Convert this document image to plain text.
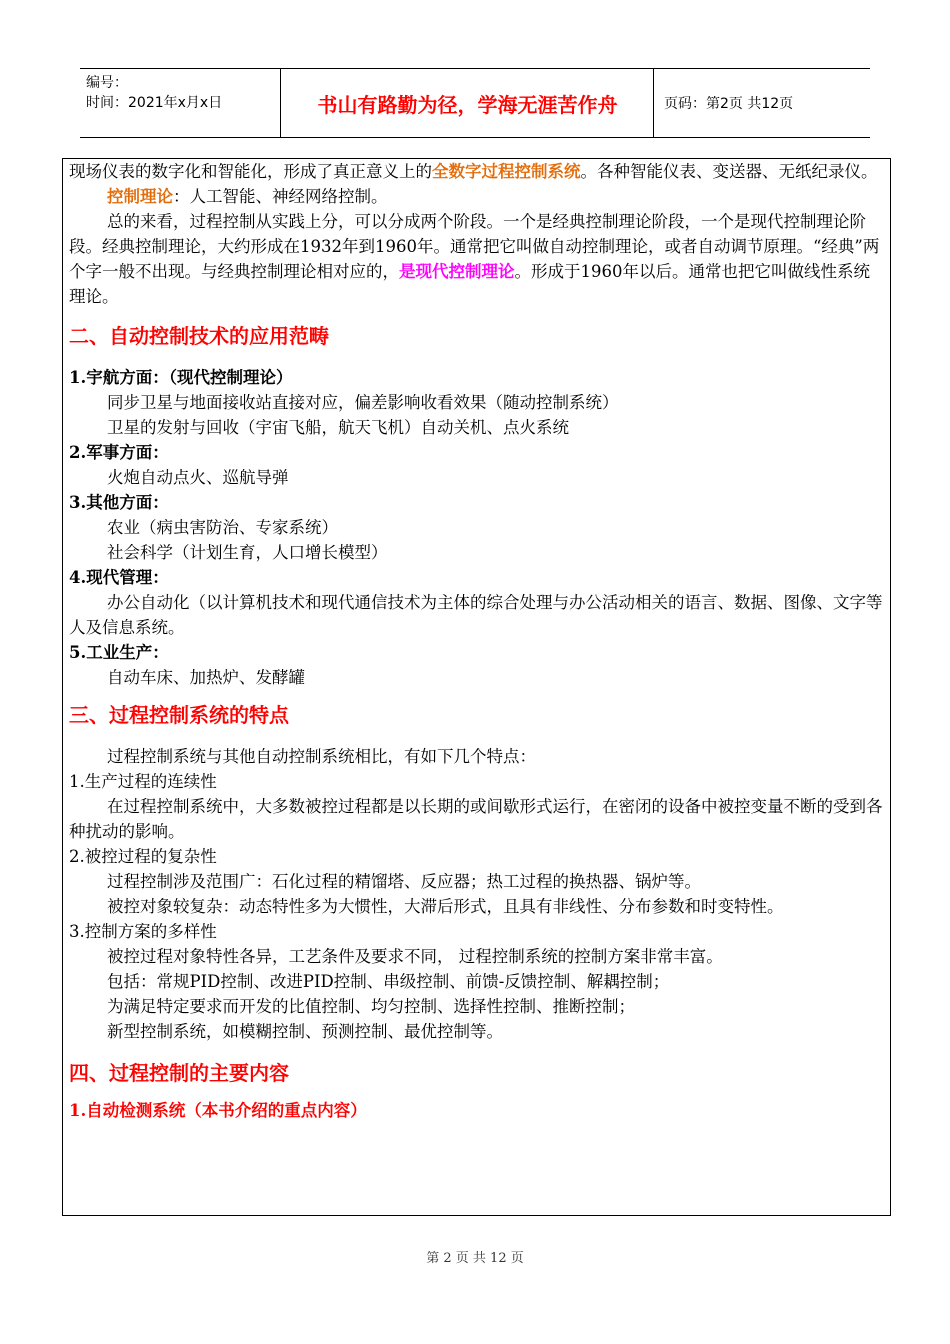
编号：
时间：2021年x月x日	书山有路勤为径，学海无涯苦作舟	页码：第2页 共12页

现场仪表的数字化和智能化，形成了真正意义上的全数字过程控制系统。各种智能仪表、变送器、无纸纪录仪。

控制理论：人工智能、神经网络控制。

总的来看，过程控制从实践上分，可以分成两个阶段。一个是经典控制理论阶段，一个是现代控制理论阶段。经典控制理论，大约形成在1932年到1960年。通常把它叫做自动控制理论，或者自动调节原理。“经典”两个字一般不出现。与经典控制理论相对应的，是现代控制理论。形成于1960年以后。通常也把它叫做线性系统理论。

二、自动控制技术的应用范畴

1.宇航方面：（现代控制理论）

同步卫星与地面接收站直接对应，偏差影响收看效果（随动控制系统）

卫星的发射与回收（宇宙飞船，航天飞机）自动关机、点火系统

2.军事方面：

火炮自动点火、巡航导弹

3.其他方面：

农业（病虫害防治、专家系统）

社会科学（计划生育，人口增长模型）

4.现代管理：

办公自动化（以计算机技术和现代通信技术为主体的综合处理与办公活动相关的语言、数据、图像、文字等人及信息系统。

5.工业生产：

自动车床、加热炉、发酵罐

三、过程控制系统的特点

过程控制系统与其他自动控制系统相比，有如下几个特点：

1.生产过程的连续性

在过程控制系统中，大多数被控过程都是以长期的或间歇形式运行，在密闭的设备中被控变量不断的受到各种扰动的影响。

2.被控过程的复杂性

过程控制涉及范围广：石化过程的精馏塔、反应器；热工过程的换热器、锅炉等。

被控对象较复杂：动态特性多为大惯性，大滞后形式，且具有非线性、分布参数和时变特性。

3.控制方案的多样性

被控过程对象特性各异，工艺条件及要求不同， 过程控制系统的控制方案非常丰富。

包括：常规PID控制、改进PID控制、串级控制、前馈-反馈控制、解耦控制；

为满足特定要求而开发的比值控制、均匀控制、选择性控制、推断控制；

新型控制系统，如模糊控制、预测控制、最优控制等。

四、过程控制的主要内容

1.自动检测系统（本书介绍的重点内容）

第 2 页 共 12 页
